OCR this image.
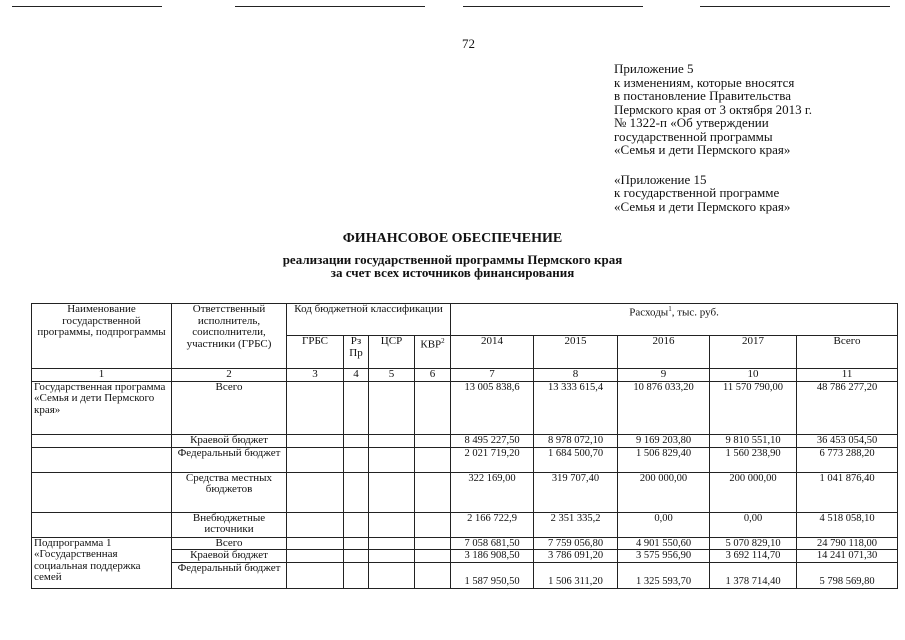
72
Приложение 5
к изменениям, которые вносятся
в постановление Правительства
Пермского края от 3 октября 2013 г.
№ 1322-п «Об утверждении
государственной программы
«Семья и дети Пермского края»
«Приложение 15
к государственной программе
«Семья и дети Пермского края»
ФИНАНСОВОЕ ОБЕСПЕЧЕНИЕ
реализации государственной программы Пермского края
за счет всех источников финансирования
Наименование государственной программы, подпрограммы	Ответственный исполнитель, соисполнители, участники (ГРБС)	Код бюджетной классификации				Расходы$^1$, тыс. руб.				
		ГРБС	Рз Пр	ЦСР	КВР$^2$	2014	2015	2016	2017	Всего
1	2	3	4	5	6	7	8	9	10	11
Государственная программа «Семья и дети Пермского края»	Всего					13 005 838,6	13 333 615,4	10 876 033,20	11 570 790,00	48 786 277,20
	Краевой бюджет					8 495 227,50	8 978 072,10	9 169 203,80	9 810 551,10	36 453 054,50
	Федеральный бюджет					2 021 719,20	1 684 500,70	1 506 829,40	1 560 238,90	6 773 288,20
	Средства местных бюджетов					322 169,00	319 707,40	200 000,00	200 000,00	1 041 876,40
	Внебюджетные источники					2 166 722,9	2 351 335,2	0,00	0,00	4 518 058,10
Подпрограмма 1 «Государственная социальная поддержка семей	Всего					7 058 681,50	7 759 056,80	4 901 550,60	5 070 829,10	24 790 118,00
	Краевой бюджет					3 186 908,50	3 786 091,20	3 575 956,90	3 692 114,70	14 241 071,30
	Федеральный бюджет					1 587 950,50	1 506 311,20	1 325 593,70	1 378 714,40	5 798 569,80
